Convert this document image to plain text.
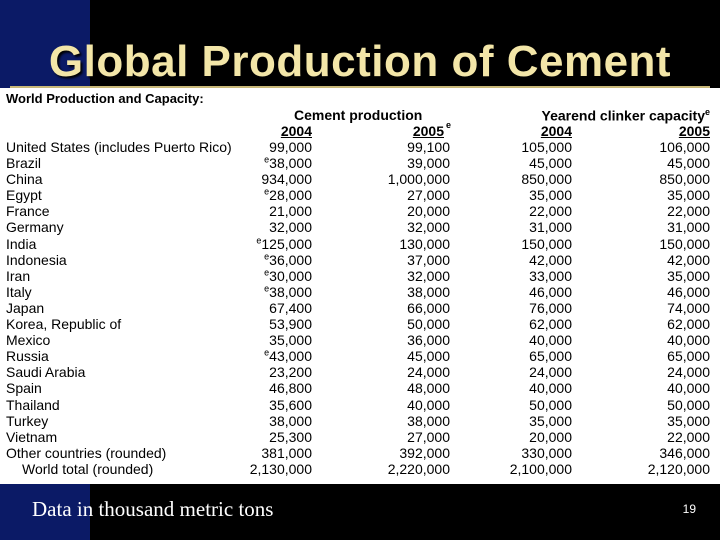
Global Production of Cement
World Production and Capacity:
Cement production	Yearend clinker capacity$^e$
2004	2005 e	2004	2005
United States (includes Puerto Rico)	99,000	99,100	105,000	106,000
Brazil	$^e$38,000	39,000	45,000	45,000
China	934,000	1,000,000	850,000	850,000
Egypt	$^e$28,000	27,000	35,000	35,000
France	21,000	20,000	22,000	22,000
Germany	32,000	32,000	31,000	31,000
India	$^e$125,000	130,000	150,000	150,000
Indonesia	$^e$36,000	37,000	42,000	42,000
Iran	$^e$30,000	32,000	33,000	35,000
Italy	$^e$38,000	38,000	46,000	46,000
Japan	67,400	66,000	76,000	74,000
Korea, Republic of	53,900	50,000	62,000	62,000
Mexico	35,000	36,000	40,000	40,000
Russia	$^e$43,000	45,000	65,000	65,000
Saudi Arabia	23,200	24,000	24,000	24,000
Spain	46,800	48,000	40,000	40,000
Thailand	35,600	40,000	50,000	50,000
Turkey	38,000	38,000	35,000	35,000
Vietnam	25,300	27,000	20,000	22,000
Other countries (rounded)	381,000	392,000	330,000	346,000
World total (rounded)	2,130,000	2,220,000	2,100,000	2,120,000
Data in thousand metric tons	19
